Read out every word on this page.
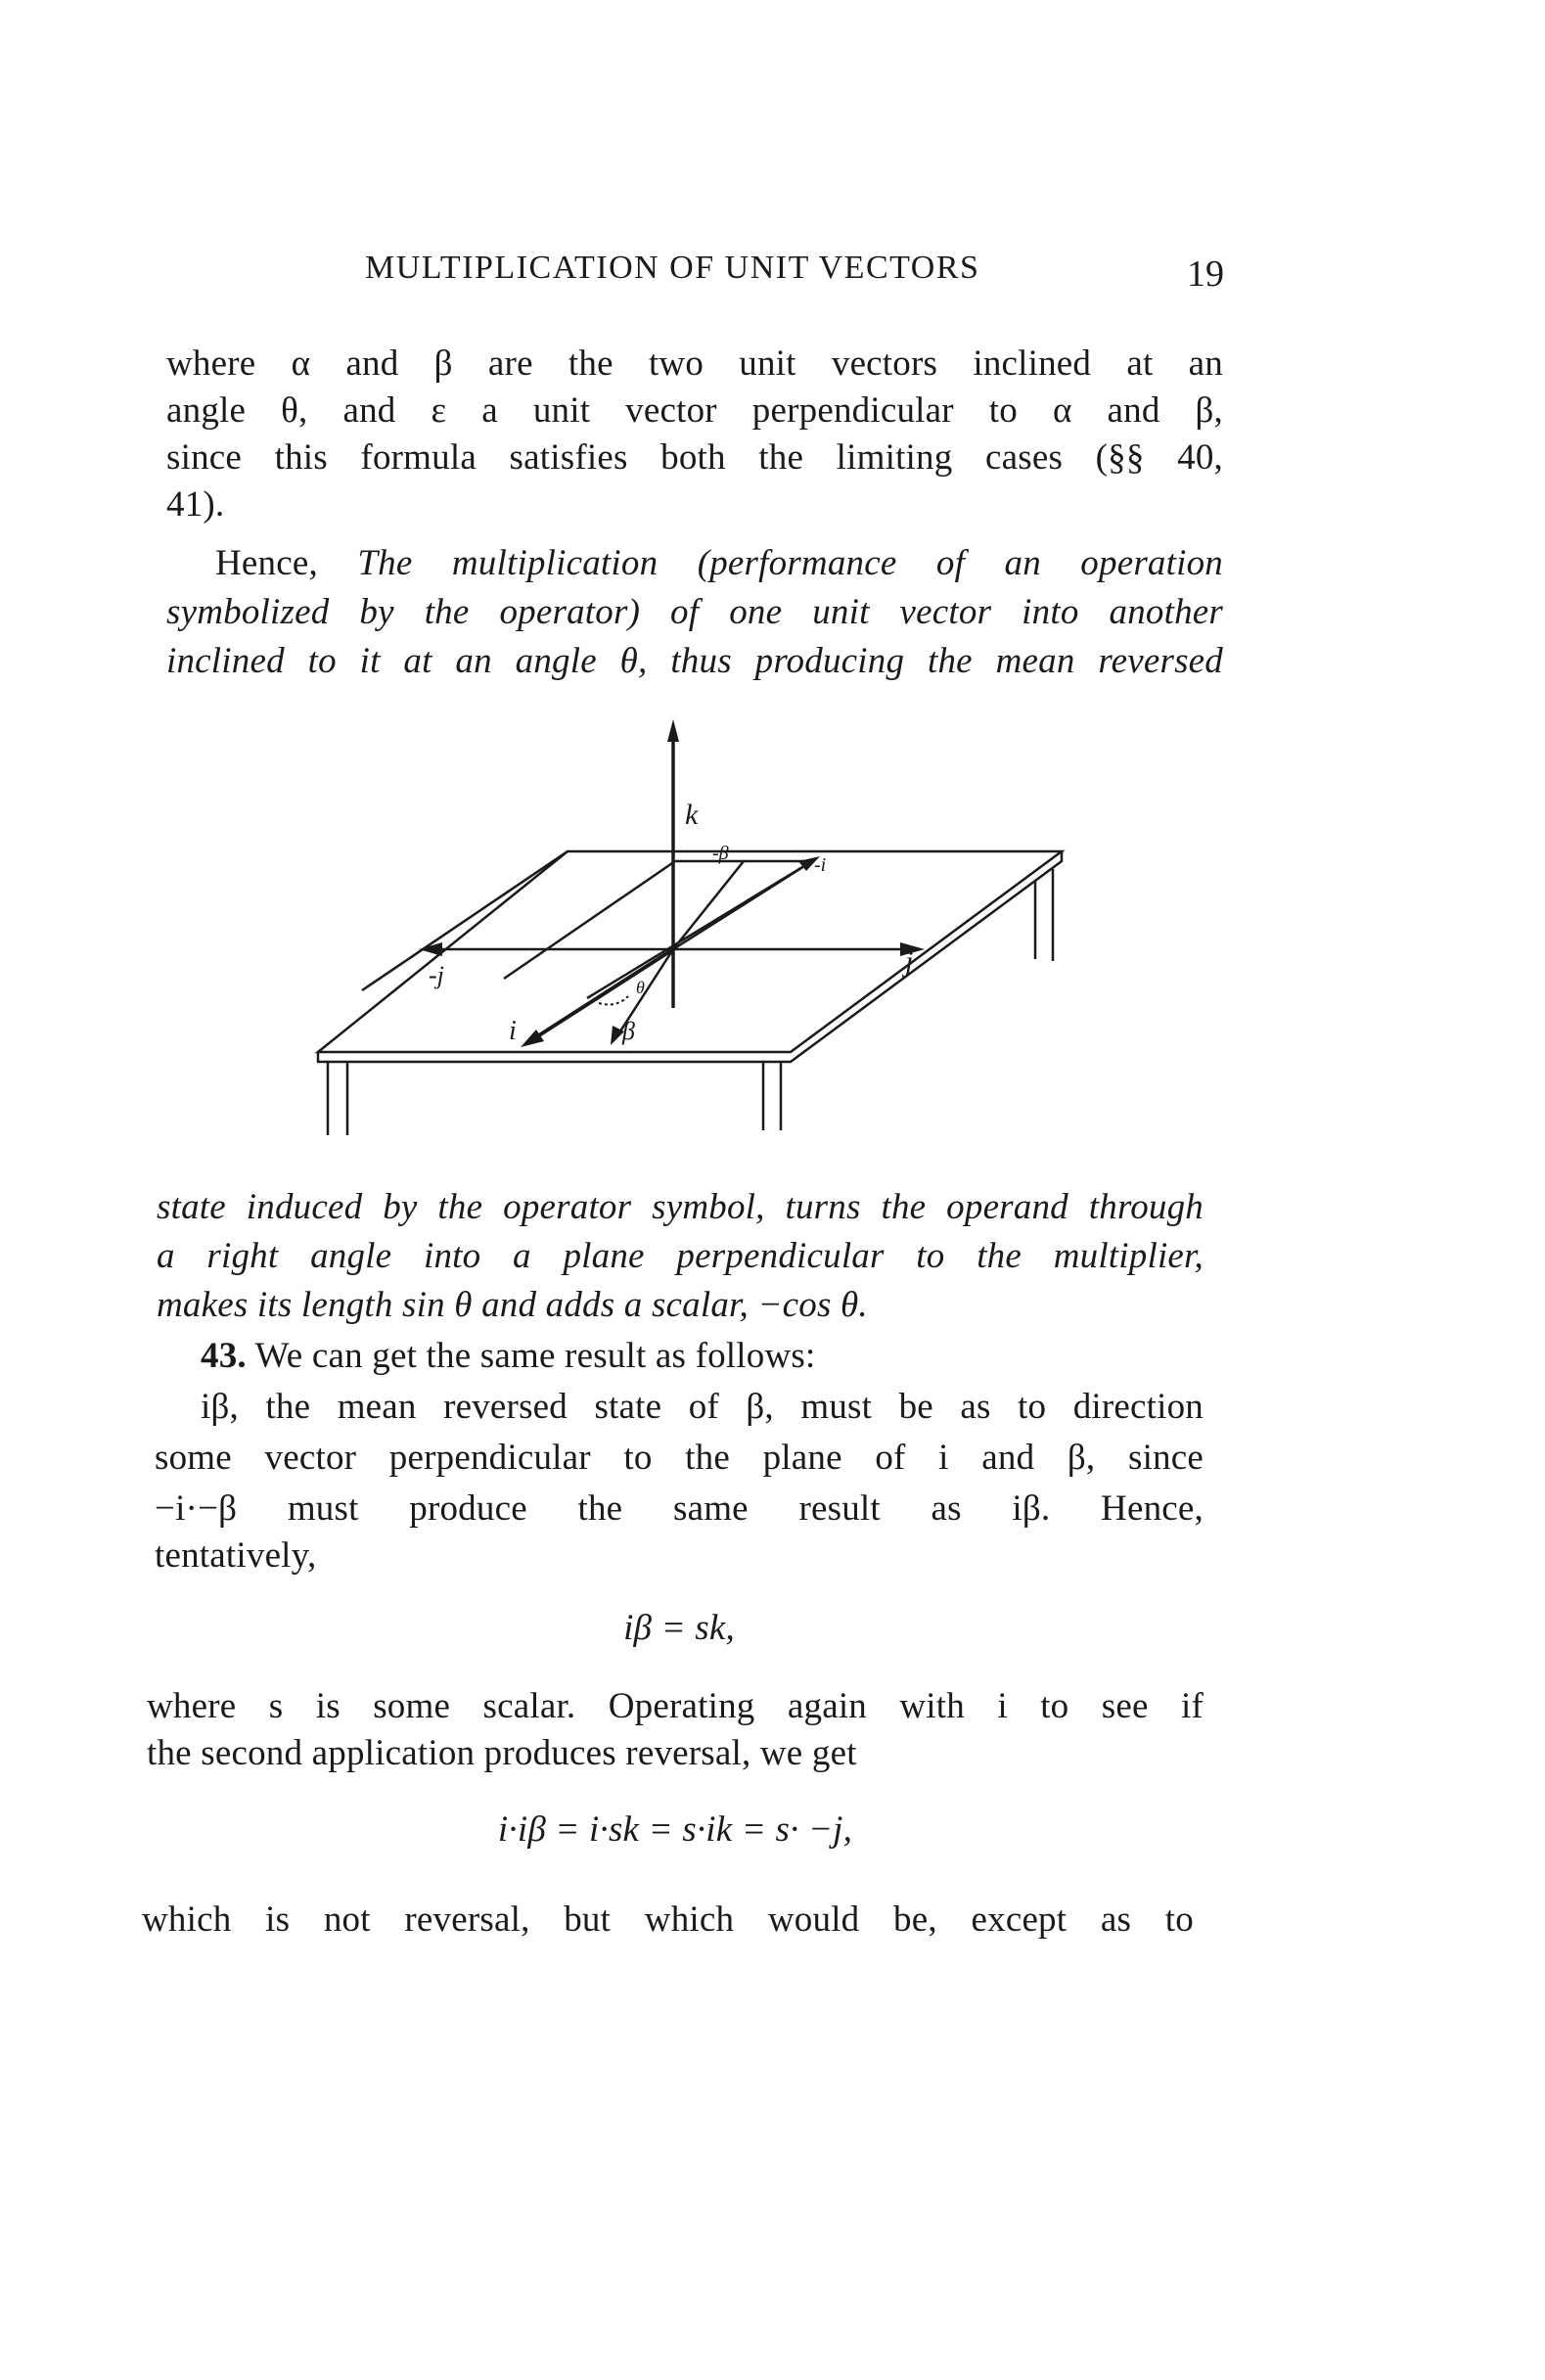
MULTIPLICATION OF UNIT VECTORS	19
where α and β are the two unit vectors inclined at an
angle θ, and ε a unit vector perpendicular to α and β,
since this formula satisfies both the limiting cases (§§ 40,
41).
Hence, The multiplication (performance of an operation
symbolized by the operator) of one unit vector into another
inclined to it at an angle θ, thus producing the mean reversed
k
-β
-i
j
-j
i	β
θ
state induced by the operator symbol, turns the operand through
a right angle into a plane perpendicular to the multiplier,
makes its length sin θ and adds a scalar, −cos θ.
43. We can get the same result as follows:
iβ, the mean reversed state of β, must be as to direction
some vector perpendicular to the plane of i and β, since
−i·−β must produce the same result as iβ. Hence,
tentatively,
iβ = sk,
where s is some scalar. Operating again with i to see if
the second application produces reversal, we get
i·iβ = i·sk = s·ik = s· −j,
which is not reversal, but which would be, except as to
